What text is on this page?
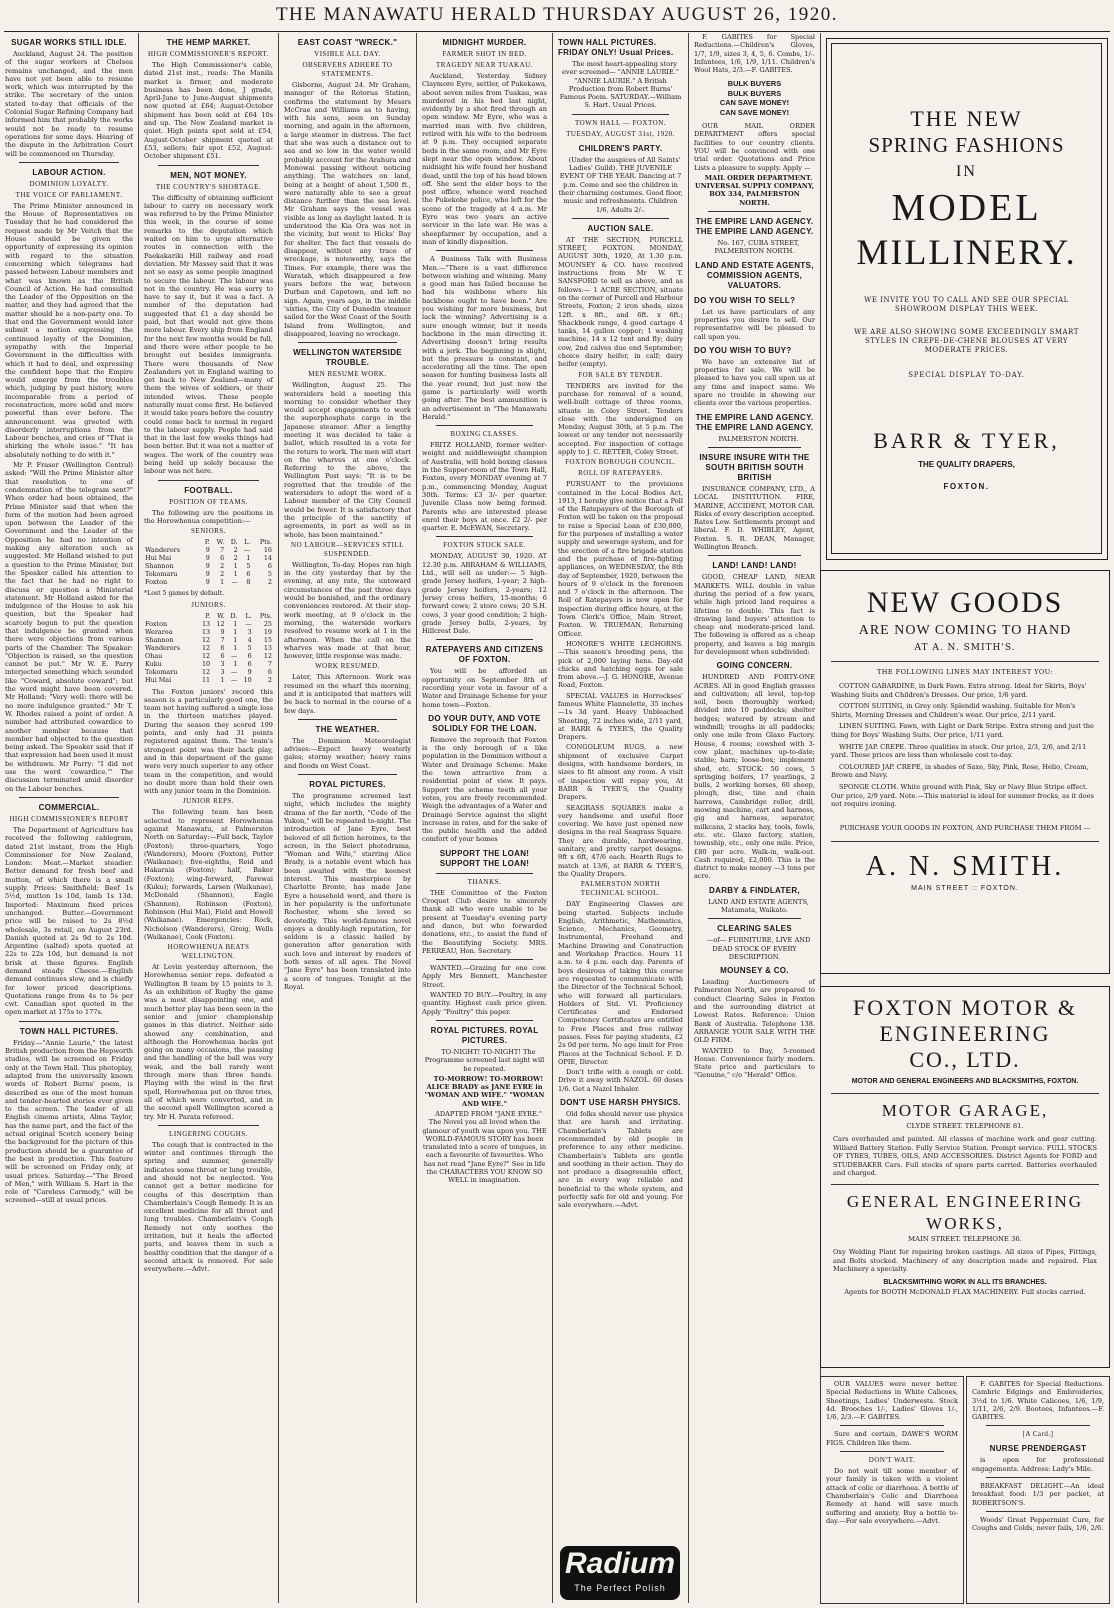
THE MANAWATU HERALD THURSDAY AUGUST 26, 1920.
SUGAR WORKS STILL IDLE.

Auckland, August 24. The position of the sugar workers at Chelsea remains unchanged, and the men have not yet been able to resume work, which was interrupted by the strike. The secretary of the union stated to-day that officials of the Colonial Sugar Refining Company had informed him that probably the works would not be ready to resume operations for some days. Hearing of the dispute in the Arbitration Court will be commenced on Thursday.

LABOUR ACTION.
DOMINION LOYALTY.
THE VOICE OF PARLIAMENT.

The Prime Minister announced in the House of Representatives on Tuesday that he had considered the request made by Mr Veitch that the House should be given the opportunity of expressing its opinion with regard to the situation concerning which telegrams had passed between Labour members and what was known as the British Council of Action. He had consulted the Leader of the Opposition on the matter, and they had agreed that the matter should be a non-party one. To that end the Government would later submit a motion expressing the continued loyalty of the Dominion, sympathy with the Imperial Government in the difficulties with which it had to deal, and expressing the confident hope that the Empire would emerge from the troubles which, judging by past history, were incomparable from a period of reconstruction, more solid and more powerful than ever before. The announcement was greeted with disorderly interruptions from the Labour benches, and cries of "That is shirking the whole issue." "It has absolutely nothing to do with it."

Mr P. Fraser (Wellington Central) asked: "Will the Prime Minister alter that resolution to one of condemnation of the telegram sent?" When order had been obtained, the Prime Minister said that when the form of the motion had been agreed upon between the Leader of the Government and the Leader of the Opposition he had no intention of making any alteration such as suggested. Mr Holland wished to put a question to the Prime Minister, but the Speaker called his attention to the fact that he had no right to discuss or question a Ministerial statement. Mr Holland asked for the indulgence of the House to ask his question, but the Speaker had scarcely begun to put the question that indulgence be granted when there were objections from various parts of the Chamber. The Speaker: "Objection is raised, so the question cannot be put." Mr W. E. Parry interjected something which sounded like "Coward, absolute coward"; but the word might have been covered. Mr Holland: "Very well: there will be no more indulgence granted." Mr T. W. Rhodes raised a point of order. A number had attributed cowardice to another member because that member had objected to the question being asked. The Speaker said that if that expression had been used it must be withdrawn. Mr Parry: "I did not use the word 'cowardice.'" The discussion terminated amid disorder on the Labour benches.

COMMERCIAL.
HIGH COMMISSIONER'S REPORT

The Department of Agriculture has received the following cablegram, dated 21st instant, from the High Commissioner for New Zealand, London: Meat.—Market steadier. Better demand for fresh beef and mutton, of which there is a small supply. Prices: Smithfield: Beef 1s 5½d, mutton 1s 10d, lamb 1s 13d. Imported: Maximum fixed prices unchanged. Butter.—Government price will be raised to 2s 8½d wholesale, 3s retail, on August 23rd. Danish quoted at 2s 9d to 2s 10d. Argentine (salted) spots quoted at 22s to 22s 10d, but demand is not brisk at these figures. English demand steady. Cheese.—English demand continues slow, and is chiefly for lower priced descriptions. Quotations range from 4s to 5s per cwt. Canadian spot quoted in the open market at 175s to 177s.

TOWN HALL PICTURES.

Friday.—"Annie Laurie," the latest British production from the Hepworth studios, will be screened on Friday only at the Town Hall. This photoplay, adapted from the universally known words of Robert Burns' poem, is described as one of the most human and tender-hearted stories ever given to the screen. The leader of all English cinema artists, Alma Taylor, has the name part, and the fact of the actual original Scotch scenery being the background for the picture of this production should be a guarantee of the best in production. This feature will be screened on Friday only, at usual prices. Saturday.—"The Breed of Men," with William S. Hart in the role of "Careless Carmody," will be screened—still at usual prices.

THE HEMP MARKET.
HIGH COMMISSIONER'S REPORT.

The High Commissioner's cable, dated 21st inst., reads: The Manila market is firmer, and moderate business has been done, J grade, April-June to June-August shipments now quoted at £64; August-October shipment has been sold at £64 10s and up. The New Zealand market is quiet. High points spot sold at £54, August-October shipment quoted at £53, sellers; fair spot £52, August-October shipment £51.

MEN, NOT MONEY.
THE COUNTRY'S SHORTAGE.

The difficulty of obtaining sufficient labour to carry on necessary work was referred to by the Prime Minister this week, in the course of some remarks to the deputation which waited on him to urge alternative routes in connection with the Paekakariki Hill railway and road deviation. Mr Massey said that it was not so easy as some people imagined to secure the labour. The labour was not in the country. He was sorry to have to say it, but it was a fact. A number of the deputation had suggested that £1 a day should be paid, but that would not give them more labour. Every ship from England for the next few months would be full, and there were other people to be brought out besides immigrants. There were thousands of New Zealanders yet in England waiting to get back to New Zealand—many of them the wives of soldiers, or their intended wives. These people naturally must come first. He believed it would take years before the country could come back to normal in regard to the labour supply. People had said that in the last few weeks things had been better. But it was not a matter of wages. The work of the country was being held up solely because the labour was not here.

FOOTBALL.
POSITION OF TEAMS.

The following are the positions in the Horowhenua competition:—

SENIORS.
	P.	W.	D.	L.	Pts.
Wanderers	9	7	2	—	16
Hui Mai	9	6	2	1	14
Shannon	9	2	1	5	6
Tokomaru	9	2	1	6	5
Foxton	9	1	—	8	2
*Lost 5 games by default.
JUNIORS.
	P.	W.	D.	L.	Pts.
Foxton	13	12	1	—	25
Weraroa	13	9	1	3	19
Shannon	12	7	1	4	15
Wanderers	12	6	1	5	13
Ohau	12	6	—	6	12
Kuku	10	3	1	6	7
Tokomaru	12	3	—	9	6
Hui Mai	11	1	—	10	2

The Foxton juniors' record this season is a particularly good one, the team not having suffered a single loss in the thirteen matches played. During the season they scored 199 points, and only had 31 points registered against them. The team's strongest point was their back play, and in this department of the game were very much superior to any other team in the competition, and would no doubt more than hold their own with any junior team in the Dominion.

JUNIOR REPS.

The following team has been selected to represent Horowhenua against Manawatu, at Palmerston North on Saturday:—Full back, Taylor (Foxton); three-quarters, Yogo (Wanderers), Moore (Foxton), Potter (Waikanae); five-eighths, Reid and Hakaraia (Foxton); half, Baker (Foxton); wing-forward, Parewai (Kuku); forwards, Larsen (Waikanae), McDonald (Shannon), Eagle (Shannon), Robinson (Foxton), Robinson (Hui Mai), Field and Howell (Waikanae). Emergencies: Rock, Nicholson (Wanderers), Greig, Wells (Waikanae), Cook (Foxton).

HOROWHENUA BEATS WELLINGTON.

At Levin yesterday afternoon, the Horowhenua senior reps. defeated a Wellington B team by 15 points to 3. As an exhibition of Rugby the game was a most disappointing one, and much better play has been seen in the senior and junior championship games in this district. Neither side showed any combination, and although the Horowhenua backs got going on many occasions, the passing and the handling of the ball was very weak, and the ball rarely went through more than three hands. Playing with the wind in the first spell, Horowhenua put on three tries, all of which were converted, and in the second spell Wellington scored a try. Mr H. Parata refereed.

LINGERING COUGHS.

The cough that is contracted in the winter and continues through the spring and summer, generally indicates some throat or lung trouble, and should not be neglected. You cannot get a better medicine for coughs of this description than Chamberlain's Cough Remedy. It is an excellent medicine for all throat and lung troubles. Chamberlain's Cough Remedy not only soothes the irritation, but it heals the affected parts, and leaves them in such a healthy condition that the danger of a second attack is removed. For sale everywhere.—Advt.

EAST COAST "WRECK."
VISIBLE ALL DAY.
OBSERVERS ADHERE TO STATEMENTS.

Gisborne, August 24. Mr Graham, manager of the Rotorua Station, confirms the statement by Messrs McCrae and Williams as to having, with his sons, seen on Sunday morning, and again in the afternoon, a large steamer in distress. The fact that she was such a distance out to sea and so low in the water would probably account for the Arahura and Monowai passing without noticing anything. The watchers on land, being at a height of about 1,500 ft., were naturally able to see a great distance further than the sea level. Mr Graham says the vessel was visible as long as daylight lasted. It is understood the Kia Ora was not in the vicinity, but went to Hicks' Bay for shelter. The fact that vessels do disappear, without any trace of wreckage, is noteworthy, says the Times. For example, there was the Waratah, which disappeared a few years before the war, between Durban and Capetown, and left no sign. Again, years ago, in the middle 'sixties, the City of Dunedin steamer sailed for the West Coast of the South Island from Wellington, and disappeared, leaving no wreckage.

WELLINGTON WATERSIDE TROUBLE.
MEN RESUME WORK.

Wellington, August 25. The watersiders held a meeting this morning to consider whether they would accept engagements to work the superphosphate cargo in the Japanese steamer. After a lengthy meeting it was decided to take a ballot, which resulted in a vote for the return to work. The men will start on the wharves at one o'clock. Referring to the above, the Wellington Post says: "It is to be regretted that the trouble of the watersiders to adopt the word of a Labour member of the City Council would be fewer. It is satisfactory that the principle of the sanctity of agreements, in part as well as in whole, has been maintained."

NO LABOUR—SERVICES STILL SUSPENDED.

Wellington, To-day. Hopes ran high in the city yesterday that by the evening, at any rate, the untoward circumstances of the past three days would be banished, and the ordinary conveniences restored. At their stop-work meeting, at 9 o'clock in the morning, the waterside workers resolved to resume work at 1 in the afternoon. When the call on the wharves was made at that hour, however, little response was made.

WORK RESUMED.

Later, This Afternoon. Work was resumed on the wharf this morning, and it is anticipated that matters will be back to normal in the course of a few days.

THE WEATHER.

The Dominion Meteorologist advises:—Expect heavy westerly gales; stormy weather; heavy rains and floods on West Coast.

ROYAL PICTURES.

The programme screened last night, which includes the mighty drama of the far north, "Code of the Yukon," will be repeated to-night. The introduction of Jane Eyre, best beloved of all fiction heroines, to the screen, in the Select photodrama, "Woman and Wife," starring Alice Brady, is a notable event which has been awaited with the keenest interest. This masterpiece by Charlotte Bronte, has made Jane Eyre a household word, and there is in her popularity is the unfortunate Rochester, whom she loved so devotedly. This world-famous novel enjoys a doubly-high reputation, for seldom is a classic hailed by generation after generation with such love and interest by readers of both sexes of all ages. The Novel "Jane Eyre" has been translated into a score of tongues. Tonight at the Royal.

MIDNIGHT MURDER.
FARMER SHOT IN BED.
TRAGEDY NEAR TUAKAU.

Auckland, Yesterday. Sidney Claymore Eyre, settler, of Pukekawa, about seven miles from Tuakau, was murdered in his bed last night, evidently by a shot fired through an open window. Mr Eyre, who was a married man with five children, retired with his wife to the bedroom at 9 p.m. They occupied separate beds in the same room, and Mr Eyre slept near the open window. About midnight his wife found her husband dead, until the top of his head blown off. She sent the elder boys to the post office, whence word reached the Pukekohe police, who left for the scene of the tragedy at 4 a.m. Mr Eyre was two years an active servicer in the late war. He was a sheepfarmer by occupation, and a man of kindly disposition.

A Business Talk with Business Men.—"There is a vast difference between wishing and winning. Many a good man has failed because he had his wishbone where his backbone ought to have been." Are you wishing for more business, but lack the winning? Advertising is a sure enough winner, but it needs backbone in the man directing it. Advertising doesn't bring results with a jerk. The beginning is slight, but the pressure is constant, and accelerating all the time. The open season for hunting business lasts all the year round, but just now the game is particularly well worth going after. The best ammunition is an advertisement in "The Manawatu Herald."

BOXING CLASSES.

FRITZ HOLLAND, former welter-weight and middleweight champion of Australia, will hold boxing classes in the Supper-room of the Town Hall, Foxton, every MONDAY evening at 7 p.m., commencing Monday, August 30th. Terms: £3 3/- per quarter. Juvenile Class now being formed. Parents who are interested please enrol their boys at once. £2 2/- per quarter. E. McEWAN, Secretary.

FOXTON STOCK SALE.

MONDAY, AUGUST 30, 1920. AT 12.30 p.m. ABRAHAM & WILLIAMS, Ltd., will sell as under:— 5 high-grade Jersey heifers, 1-year; 2 high-grade Jersey heifers, 2-years; 12 Jersey cross heifers, 15-months; 6 forward cows; 2 store cows; 20 S.H. cows, 3 year good condition; 2 high-grade Jersey bulls, 2-years, by Hillcrest Dale.

RATEPAYERS AND CITIZENS OF FOXTON.

You will be afforded an opportunity on September 8th of recording your vote in favour of a Water and Drainage Scheme for your home town—Foxton.

DO YOUR DUTY, AND VOTE SOLIDLY FOR THE LOAN.

Remove the reproach that Foxton is the only borough of a like population in the Dominion without a Water and Drainage Scheme. Make the town attractive from a residential point of view. It pays. Support the scheme teeth all your votes, you are freely recommended. Weigh the advantages of a Water and Drainage Service against the slight increase in rates, and for the sake of the public health and the added comfort of your homes

SUPPORT THE LOAN! SUPPORT THE LOAN!
THANKS.

THE Committee of the Foxton Croquet Club desire to sincerely thank all who were unable to be present at Tuesday's evening party and dance, but who forwarded donations, etc., to assist the fund of the Beautifying Society. MRS. PERREAU, Hon. Secretary.

WANTED.—Grazing for one cow. Apply Mrs Bennett, Manchester Street.

WANTED TO BUY.—Poultry, in any quantity. Highest cash price given. Apply "Poultry" this paper.

ROYAL PICTURES. ROYAL PICTURES.

TO-NIGHT! TO-NIGHT! The Programme screened last night will be repeated.

TO-MORROW! TO-MORROW! ALICE BRADY as JANE EYRE in "WOMAN AND WIFE." "WOMAN AND WIFE."

ADAPTED FROM "JANE EYRE." The Novel you all loved when the glamour of youth was upon you. THE WORLD-FAMOUS STORY has been translated into a score of tongues, in each a favourite of favourites. Who has not read "Jane Eyre?" See in life the CHARACTERS YOU KNOW SO WELL in imagination.

TOWN HALL PICTURES. FRIDAY ONLY! Usual Prices.

The most heart-appealing story ever screened— "ANNIE LAURIE." "ANNIE LAURIE." A British Production from Robert Burns' Famous Poem. SATURDAY.—William S. Hart. Usual Prices.

TOWN HALL — FOXTON.
TUESDAY, AUGUST 31st, 1920.
CHILDREN'S PARTY.

(Under the auspices of All Saints' Ladies' Guild). THE JUVENILE EVENT OF THE YEAR. Dancing at 7 p.m. Come and see the children in their charming costumes. Good floor, music and refreshments. Children 1/6, Adults 2/-.

AUCTION SALE.

AT THE SECTION, PURCELL STREET, FOXTON. MONDAY, AUGUST 30th, 1920, At 1.30 p.m. MOUNSEY & CO. have received instructions from Mr W. T. SANSFORD to sell as above, and as follows:— 1 ACRE SECTION, situate on the corner of Purcell and Harbour Streets, Foxton; 2 iron sheds, sizes 12ft. x 8ft., and 6ft. x 6ft.; Shackbook range, 4 good cartage 4 tanks, 14 gallon copper; 1 washing machine, 14 x 12 tent and fly; dairy cow, 2nd calves due end September; choice dairy heifer, in calf; dairy heifer (empty).

FOR SALE BY TENDER.

TENDERS are invited for the purchase for removal of a sound, well-built cottage of three rooms, situate in Coley Street. Tenders close with the undersigned on Monday, August 30th, at 5 p.m. The lowest or any tender not necessarily accepted. For inspection of cottage apply to J. C. RETTER, Coley Street.

FOXTON BOROUGH COUNCIL.
ROLL OF RATEPAYERS.

PURSUANT to the provisions contained in the Local Bodies Act, 1913, I hereby give notice that a Poll of the Ratepayers of the Borough of Foxton will be taken on the proposal to raise a Special Loan of £30,000, for the purposes of installing a water supply and sewerage system, and for the erection of a fire brigade station and the purchase of fire-fighting appliances, on WEDNESDAY, the 8th day of September, 1920, between the hours of 9 o'clock in the forenoon and 7 o'clock in the afternoon. The Roll of Ratepayers is now open for inspection during office hours, at the Town Clerk's Office, Main Street, Foxton. W. TRUEMAN, Returning Officer.

HONORE'S WHITE LEGHORNS. —This season's breeding pens, the pick of 2,000 laying hens. Day-old chicks and hatching eggs for sale from above.—J. G. HONORE, Avenue Road, Foxton.

SPECIAL VALUES in Horrockses' famous White Flannelette, 35 inches—1s 3d yard. Heavy Unbleached Sheeting, 72 inches wide, 2/11 yard, at BARR & TYER'S, the Quality Drapers.

CONGOLEUM RUGS, a new shipment of exclusive Carpet designs, with handsome borders, in sizes to fit almost any room. A visit of inspection will repay you, At BARR & TYER'S, the Quality Drapers.

SEAGRASS SQUARES make a very handsome and useful floor covering. We have just opened new designs in the real Seagrass Square. They are durable, hardwearing, sanitary, and pretty carpet designs. 9ft x 6ft, 47/6 each. Hearth Rugs to match at 13/6, at BARR & TYER'S, the Quality Drapers.

PALMERSTON NORTH TECHNICAL SCHOOL.

DAY Engineering Classes are being started. Subjects include English, Arithmetic, Mathematics, Science, Mechanics, Geometry, Instrumental, Freehand and Machine Drawing and Construction and Workshop Practice. Hours 11 a.m. to 4 p.m. each day. Parents of boys desirous of taking this course are requested to communicate with the Director of the Technical School, who will forward all particulars. Holders of Std. VI. Proficiency Certificates and Endorsed Competency Certificates are entitled to Free Places and free railway passes. Fees for paying students, £2 2s 0d per term. No age limit for Free Places at the Technical School. F. D. OPIE, Director.

Don't trifle with a cough or cold. Drive it away with NAZOL. 60 doses 1/6. Get a Nazol Inhaler.

DON'T USE HARSH PHYSICS.

Old folks should never use physics that are harsh and irritating. Chamberlain's Tablets are recommended by old people in preference to any other medicine. Chamberlain's Tablets are gentle and soothing in their action. They do not produce a disagreeable effect, are in every way reliable and beneficial to the whole system, and perfectly safe for old and young. For sale everywhere.—Advt.

Radium
The Perfect Polish

F. GABITES for Special Reductions.—Children's Gloves, 1/7, 1/9, sizes 3, 4, 5, 6. Combs, 1/-. Infantees, 1/6, 1/9, 1/11. Children's Wool Hats, 2/3.—F. GABITES.

BULK BUYERS
BULK BUYERS
CAN SAVE MONEY!
CAN SAVE MONEY!

OUR MAIL ORDER DEPARTMENT offers special facilities to our country clients. YOU will be convinced with one trial order. Quotations and Price Lists a pleasure to supply. Apply —

MAIL ORDER DEPARTMENT. UNIVERSAL SUPPLY COMPANY, BOX 334, PALMERSTON NORTH.

THE EMPIRE LAND AGENCY. THE EMPIRE LAND AGENCY.

No. 167, CUBA STREET, PALMERSTON NORTH.

LAND AND ESTATE AGENTS, COMMISSION AGENTS, VALUATORS.
DO YOU WISH TO SELL?

Let us have particulars of any properties you desire to sell. Our representative will be pleased to call upon you.

DO YOU WISH TO BUY?

We have an extensive list of properties for sale. We will be pleased to have you call upon us at any time and inspect same. We spare no trouble in showing our clients over the various properties.

THE EMPIRE LAND AGENCY. THE EMPIRE LAND AGENCY.

PALMERSTON NORTH.

INSURE INSURE WITH THE SOUTH BRITISH SOUTH BRITISH

INSURANCE COMPANY, LTD., A LOCAL INSTITUTION. FIRE, MARINE, ACCIDENT, MOTOR CAR. Risks of every description accepted. Rates Low. Settlements prompt and liberal. F. D. WHIBLEY, Agent, Foxton. S. R. DEAN, Manager, Wellington Branch.

LAND! LAND! LAND!

GOOD, CHEAP LAND, NEAR MARKETS. WILL double in value during the period of a few years, while high priced land requires a lifetime to double. This fact is drawing land buyers' attention to cheap and moderate-priced land. The following is offered as a cheap property, and leaves a big margin for development when subdivided:

GOING CONCERN.

HUNDRED AND FORTY-ONE ACRES. All in good English grasses and cultivation; all level, top-top soil, been thoroughly worked; divided into 10 paddocks; shelter hedges; watered by stream and windmill; troughs in all paddocks; only one mile from Glaxo Factory. House, 4 rooms; cowshed with 3-cow plant, machines up-to-date; stable; barn; loose-box; implement shed, etc. STOCK: 50 cows, 5 springing heifers, 17 yearlings, 2 bulls, 2 working horses, 60 sheep, plough, disc, tine and chain harrows, Cambridge roller, drill, mowing machine, cart and harness, gig and harness, separator, milkcans, 2 stacks hay, tools, fowls, etc. etc. Glaxo factory, station, township, etc., only one mile. Price, £80 per acre. Walk-in, walk-out. Cash required, £2,000. This is the district to make money —3 tons per acre.

DARBY & FINDLATER,

LAND AND ESTATE AGENTS, Matamata, Waikato.

CLEARING SALES

—of— FURNITURE, LIVE AND DEAD STOCK OF EVERY DESCRIPTION.

MOUNSEY & CO.

Leading Auctioneers of Palmerston North, are prepared to conduct Clearing Sales in Foxton and the surrounding district at Lowest Rates. Reference: Union Bank of Australia. Telephone 138. ARRANGE YOUR SALE WITH THE OLD FIRM.

WANTED to Buy, 5-roomed House. Convenience fairly modern. State price and particulars to "Genuine," c/o "Herald" Office.

THE NEW
SPRING FASHIONS
IN
MODEL
MILLINERY.
WE INVITE YOU TO CALL AND SEE OUR SPECIAL SHOWROOM DISPLAY THIS WEEK.
WE ARE ALSO SHOWING SOME EXCEEDINGLY SMART STYLES IN CREPE-DE-CHENE BLOUSES AT VERY MODERATE PRICES.
SPECIAL DISPLAY TO-DAY.
BARR & TYER,
THE QUALITY DRAPERS,
FOXTON.
NEW GOODS
ARE NOW COMING TO HAND
AT A. N. SMITH'S.
THE FOLLOWING LINES MAY INTEREST YOU:

COTTON GABARDINE, in Dark Fawn. Extra strong. Ideal for Skirts, Boys' Washing Suits and Children's Dresses. Our price, 1/6 yard.

COTTON SUITING, in Grey only. Splendid washing. Suitable for Men's Shirts, Morning Dresses and Children's wear. Our price, 2/11 yard.

LINEN SUITING. Fawn, with Light or Dark Stripe. Extra strong and just the thing for Boys' Washing Suits. Our price, 1/11 yard.

WHITE JAP. CREPE. Three qualities in stock. Our price, 2/3, 2/6, and 2/11 yard. These prices are less than wholesale cost to-day.

COLOURED JAP. CREPE, in shades of Saxe, Sky, Pink, Rose, Helio, Cream, Brown and Navy.

SPONGE CLOTH. White ground with Pink, Sky or Navy Blue Stripe effect. Our price, 2/9 yard. Note.—This material is ideal for summer frocks, as it does not require ironing.

PURCHASE YOUR GOODS IN FOXTON, AND PURCHASE THEM FROM —
A. N. SMITH.
MAIN STREET :: FOXTON.
FOXTON MOTOR &
ENGINEERING
CO., LTD.
MOTOR AND GENERAL ENGINEERS AND BLACKSMITHS, FOXTON.
MOTOR GARAGE,
CLYDE STREET. TELEPHONE 81.
Cars overhauled and painted. All classes of machine work and gear cutting. Willard Battery Station. Fully Service Station. Prompt service. FULL STOCKS OF TYRES, TUBES, OILS, AND ACCESSORIES. District Agents for FORD and STUDEBAKER Cars. Full stocks of spare parts carried. Batteries overhauled and charged.
GENERAL ENGINEERING
WORKS,
MAIN STREET. TELEPHONE 36.
Oxy Welding Plant for repairing broken castings. All sizes of Pipes, Fittings, and Bolts stocked. Machinery of any description made and repaired. Flax Machinery a specialty.
BLACKSMITHING WORK IN ALL ITS BRANCHES.
Agents for BOOTH McDONALD FLAX MACHINERY. Full stocks carried.

OUR VALUES were never better. Special Reductions in White Calicoes, Sheetings, Ladies' Underwests. Stock 4d. Brooches 1/-, Ladies' Gloves 1/-, 1/6, 2/3.—F. GABITES.

Sure and certain, DAWE'S WORM FIGS. Children like them.

DON'T WAIT.

Do not wait till some member of your family is taken with a violent attack of colic or diarrhoea. A bottle of Chamberlain's Colic and Diarrhoea Remedy at hand will save much suffering and anxiety. Buy a bottle to-day.—For sale everywhere.—Advt.

F. GABITES for Special Reductions. Cambric Edgings and Embroideries, 3½d to 1/6. White Calicoes, 1/6, 1/9, 1/11, 2/6, 2/9. Bootees, Infantees.—F. GABITES.

[A Card.]
NURSE PRENDERGAST

is open for professional engagements. Address: Lady's Mile.

BREAKFAST DELIGHT.—An ideal breakfast food: 1/3 per packet, at ROBERTSON'S.

Woods' Great Peppermint Cure, for Coughs and Colds, never fails, 1/6, 2/6.
